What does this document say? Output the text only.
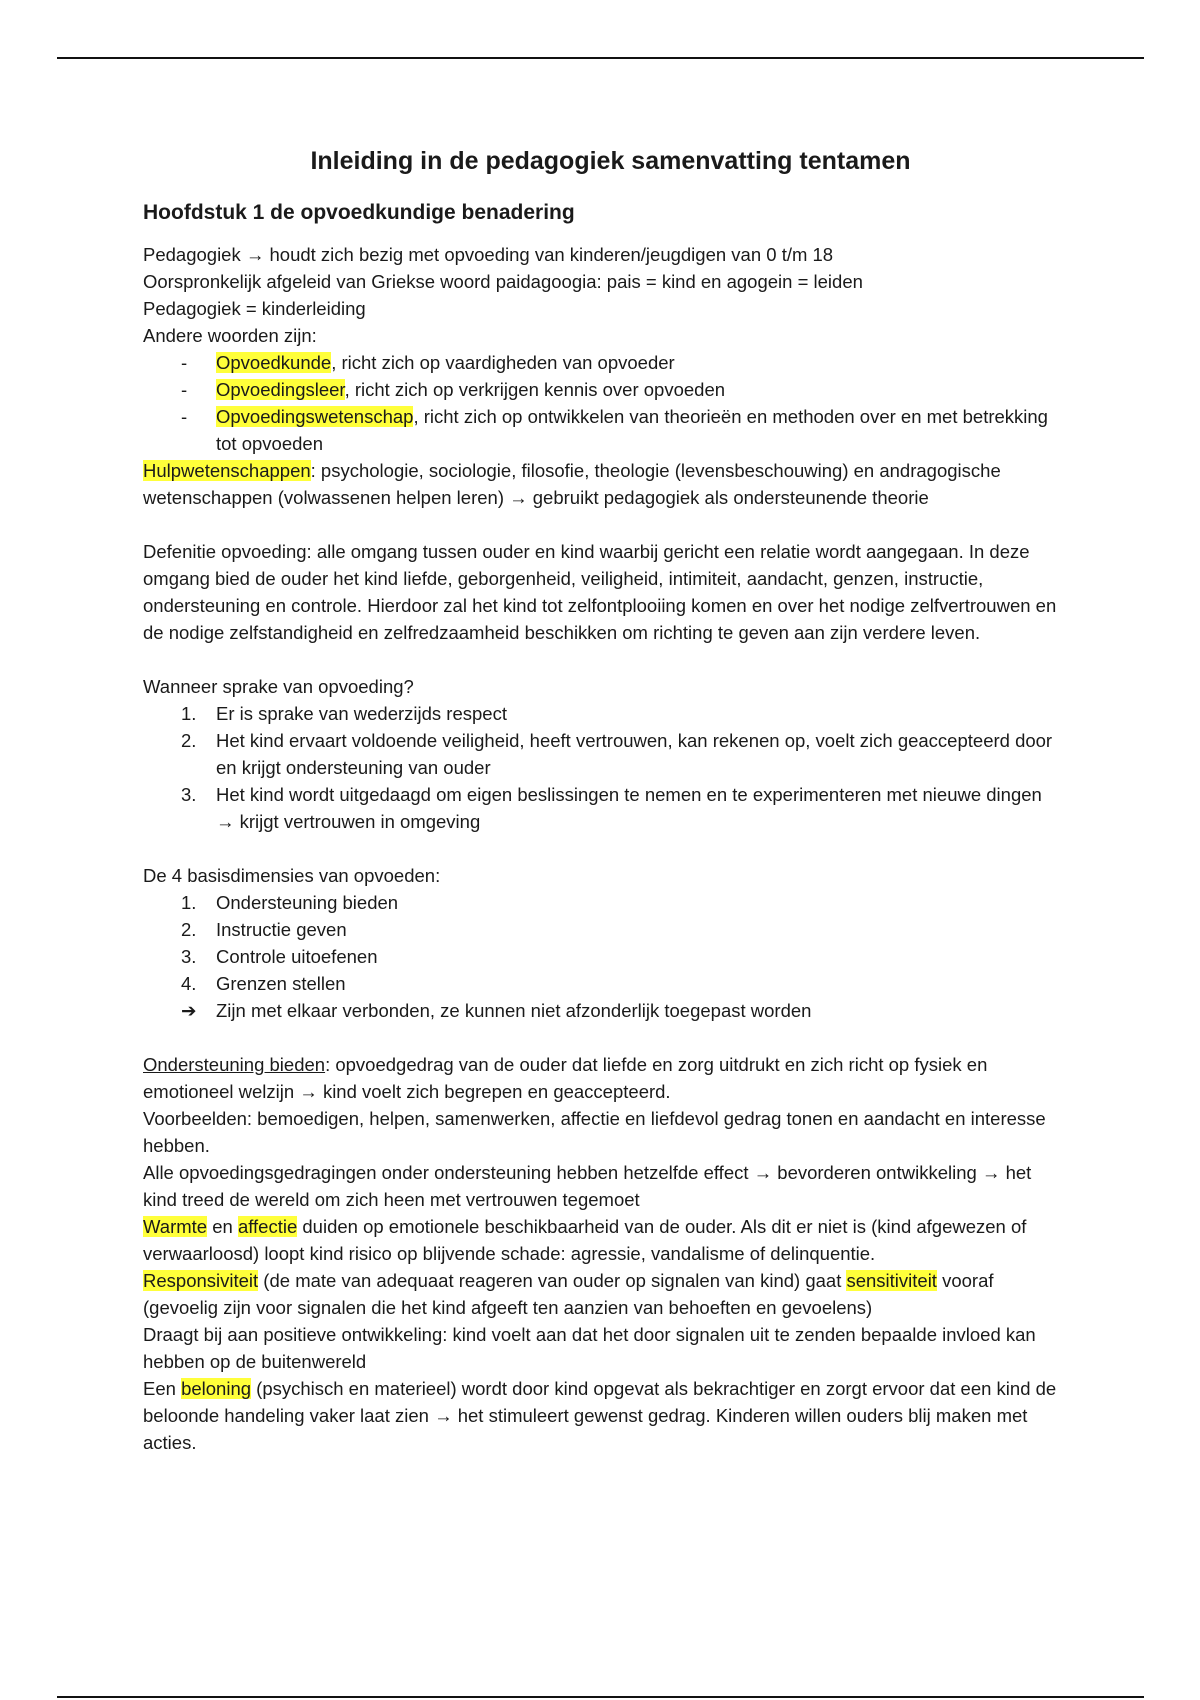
Inleiding in de pedagogiek samenvatting tentamen
Hoofdstuk 1 de opvoedkundige benadering

Pedagogiek → houdt zich bezig met opvoeding van kinderen/jeugdigen van 0 t/m 18

Oorspronkelijk afgeleid van Griekse woord paidagoogia: pais = kind en agogein = leiden

Pedagogiek = kinderleiding

Andere woorden zijn:

- Opvoedkunde, richt zich op vaardigheden van opvoeder
- Opvoedingsleer, richt zich op verkrijgen kennis over opvoeden
- Opvoedingswetenschap, richt zich op ontwikkelen van theorieën en methoden over en met betrekking tot opvoeden

Hulpwetenschappen: psychologie, sociologie, filosofie, theologie (levensbeschouwing) en andragogische wetenschappen (volwassenen helpen leren) → gebruikt pedagogiek als ondersteunende theorie

Defenitie opvoeding: alle omgang tussen ouder en kind waarbij gericht een relatie wordt aangegaan. In deze omgang bied de ouder het kind liefde, geborgenheid, veiligheid, intimiteit, aandacht, genzen, instructie, ondersteuning en controle. Hierdoor zal het kind tot zelfontplooiing komen en over het nodige zelfvertrouwen en de nodige zelfstandigheid en zelfredzaamheid beschikken om richting te geven aan zijn verdere leven.

Wanneer sprake van opvoeding?

1. Er is sprake van wederzijds respect
2. Het kind ervaart voldoende veiligheid, heeft vertrouwen, kan rekenen op, voelt zich geaccepteerd door en krijgt ondersteuning van ouder
3. Het kind wordt uitgedaagd om eigen beslissingen te nemen en te experimenteren met nieuwe dingen → krijgt vertrouwen in omgeving

De 4 basisdimensies van opvoeden:

1. Ondersteuning bieden
2. Instructie geven
3. Controle uitoefenen
4. Grenzen stellen
➔ Zijn met elkaar verbonden, ze kunnen niet afzonderlijk toegepast worden

Ondersteuning bieden: opvoedgedrag van de ouder dat liefde en zorg uitdrukt en zich richt op fysiek en emotioneel welzijn → kind voelt zich begrepen en geaccepteerd.

Voorbeelden: bemoedigen, helpen, samenwerken, affectie en liefdevol gedrag tonen en aandacht en interesse hebben.

Alle opvoedingsgedragingen onder ondersteuning hebben hetzelfde effect → bevorderen ontwikkeling → het kind treed de wereld om zich heen met vertrouwen tegemoet

Warmte en affectie duiden op emotionele beschikbaarheid van de ouder. Als dit er niet is (kind afgewezen of verwaarloosd) loopt kind risico op blijvende schade: agressie, vandalisme of delinquentie.

Responsiviteit (de mate van adequaat reageren van ouder op signalen van kind) gaat sensitiviteit vooraf (gevoelig zijn voor signalen die het kind afgeeft ten aanzien van behoeften en gevoelens)

Draagt bij aan positieve ontwikkeling: kind voelt aan dat het door signalen uit te zenden bepaalde invloed kan hebben op de buitenwereld

Een beloning (psychisch en materieel) wordt door kind opgevat als bekrachtiger en zorgt ervoor dat een kind de beloonde handeling vaker laat zien → het stimuleert gewenst gedrag. Kinderen willen ouders blij maken met acties.
